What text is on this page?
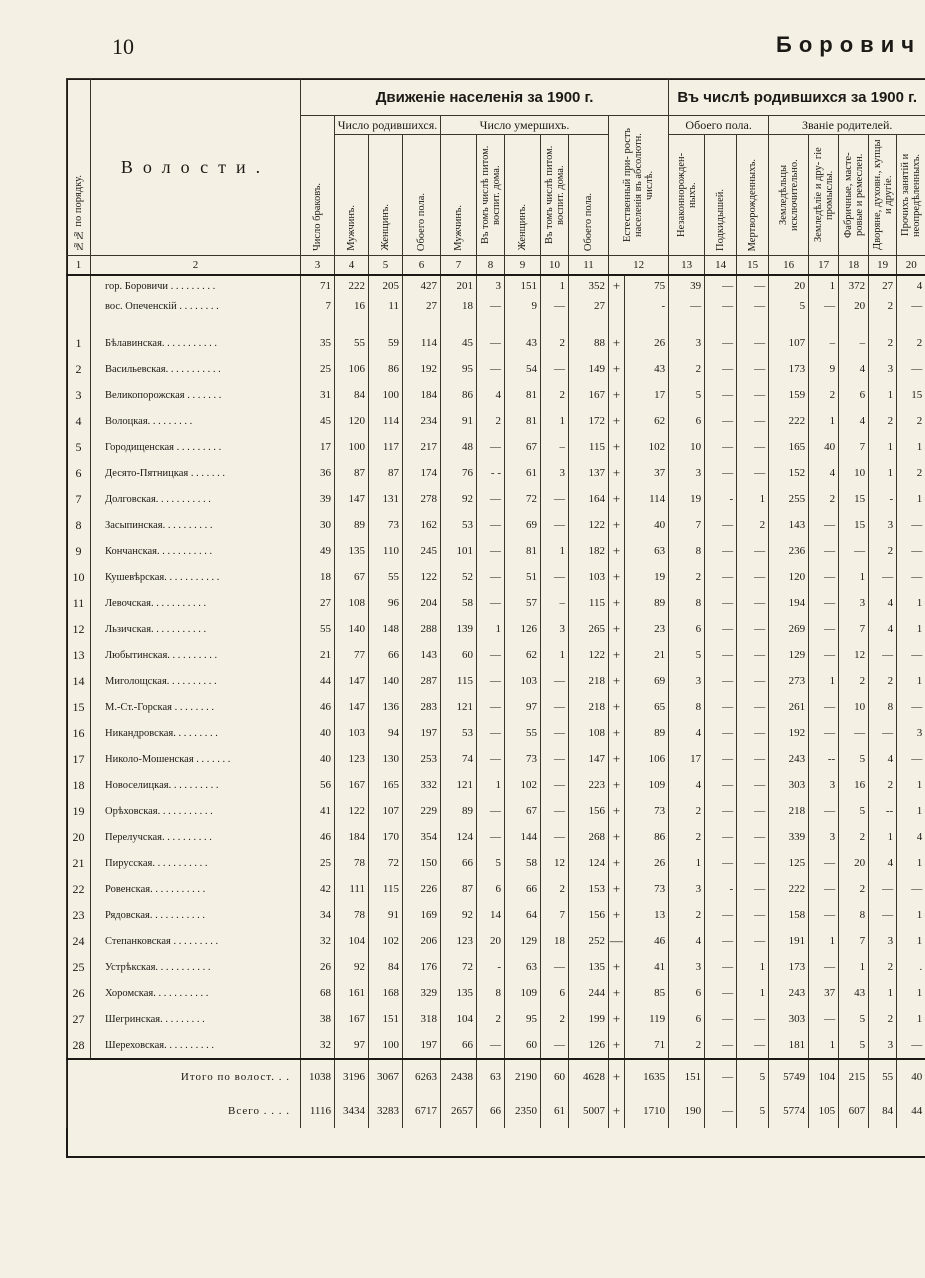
10	Борович
№№ по порядку.	Волости.	Движеніе населенія за 1900 г.											Въ числѣ родившихся за 1900 г.							

		Число браковъ.	Число родившихся.			Число умершихъ.					Естественный при- ростъ населенія въ абсолютн. числѣ.		Обоего пола.			Званіе родителей.				

			Мужчинъ.	Женщинъ.	Обоего пола.	Мужчинъ.	Въ томъ числѣ питом. воспит. дома.	Женщинъ.	Въ томъ числѣ питом. воспит. дома.	Обоего пола.			Незаконнорожден- ныхъ.	Подкидышей.	Мертворожденныхъ.	Земледѣльцы исключительно.	Земледѣліе и дру- гіе промыслы.	Фабричные, масте- ровые и ремеслен.	Дворяне, духовн., купцы и другіе.	Прочихъ занятій и неопредѣленныхъ.

1	2	3	4	5	6	7	8	9	10	11	12		13	14	15	16	17	18	19	20
	гор. Боровичи . . . . . . . . .	71	222	205	427	201	3	151	1	352	+	75	39	—	—	20	1	372	27	4
	вос. Опеченскій . . . . . . . .	7	16	11	27	18	—	9	—	27		-	—	—	—	5	—	20	2	—

1	Бѣлавинская. . . . . . . . . . .	35	55	59	114	45	—	43	2	88	+	26	3	—	—	107	–	–	2	2
2	Васильевская. . . . . . . . . . .	25	106	86	192	95	—	54	—	149	+	43	2	—	—	173	9	4	3	—
3	Великопорожская . . . . . . .	31	84	100	184	86	4	81	2	167	+	17	5	—	—	159	2	6	1	15
4	Волоцкая. . . . . . . . .	45	120	114	234	91	2	81	1	172	+	62	6	—	—	222	1	4	2	2
5	Городищенская . . . . . . . . .	17	100	117	217	48	—	67	–	115	+	102	10	—	—	165	40	7	1	1
6	Десято-Пятницкая . . . . . . .	36	87	87	174	76	- -	61	3	137	+	37	3	—	—	152	4	10	1	2
7	Долговская. . . . . . . . . . .	39	147	131	278	92	—	72	—	164	+	114	19	-	1	255	2	15	-	1
8	Засыпинская. . . . . . . . . .	30	89	73	162	53	—	69	—	122	+	40	7	—	2	143	—	15	3	—
9	Кончанская. . . . . . . . . . .	49	135	110	245	101	—	81	1	182	+	63	8	—	—	236	—	—	2	—
10	Кушевѣрская. . . . . . . . . . .	18	67	55	122	52	—	51	—	103	+	19	2	—	—	120	—	1	—	—
11	Левочская. . . . . . . . . . .	27	108	96	204	58	—	57	–	115	+	89	8	—	—	194	—	3	4	1
12	Льзичская. . . . . . . . . . .	55	140	148	288	139	1	126	3	265	+	23	6	—	—	269	—	7	4	1
13	Любытинская. . . . . . . . . .	21	77	66	143	60	—	62	1	122	+	21	5	—	—	129	—	12	—	—
14	Миголощская. . . . . . . . . .	44	147	140	287	115	—	103	—	218	+	69	3	—	—	273	1	2	2	1
15	М.-Ст.-Горская . . . . . . . .	46	147	136	283	121	—	97	—	218	+	65	8	—	—	261	—	10	8	—
16	Никандровская. . . . . . . . .	40	103	94	197	53	—	55	—	108	+	89	4	—	—	192	—	—	—	3
17	Николо-Мошенская . . . . . . .	40	123	130	253	74	—	73	—	147	+	106	17	—	—	243	--	5	4	—
18	Новоселицкая. . . . . . . . . .	56	167	165	332	121	1	102	—	223	+	109	4	—	—	303	3	16	2	1
19	Орѣховская. . . . . . . . . . .	41	122	107	229	89	—	67	—	156	+	73	2	—	—	218	—	5	--	1
20	Перелучская. . . . . . . . . .	46	184	170	354	124	—	144	—	268	+	86	2	—	—	339	3	2	1	4
21	Пирусская. . . . . . . . . . .	25	78	72	150	66	5	58	12	124	+	26	1	—	—	125	—	20	4	1
22	Ровенская. . . . . . . . . . .	42	111	115	226	87	6	66	2	153	+	73	3	-	—	222	—	2	—	—
23	Рядовская. . . . . . . . . . .	34	78	91	169	92	14	64	7	156	+	13	2	—	—	158	—	8	—	1
24	Степанковская . . . . . . . . .	32	104	102	206	123	20	129	18	252	—	46	4	—	—	191	1	7	3	1
25	Устрѣкская. . . . . . . . . . .	26	92	84	176	72	-	63	—	135	+	41	3	—	1	173	—	1	2	.
26	Хоромская. . . . . . . . . . .	68	161	168	329	135	8	109	6	244	+	85	6	—	1	243	37	43	1	1
27	Шегринская. . . . . . . . .	38	167	151	318	104	2	95	2	199	+	119	6	—	—	303	—	5	2	1
28	Шереховская. . . . . . . . . .	32	97	100	197	66	—	60	—	126	+	71	2	—	—	181	1	5	3	—
Итого по волост. . .		1038	3196	3067	6263	2438	63	2190	60	4628	+	1635	151	—	5	5749	104	215	55	40
Всего . . . .		1116	3434	3283	6717	2657	66	2350	61	5007	+	1710	190	—	5	5774	105	607	84	44
